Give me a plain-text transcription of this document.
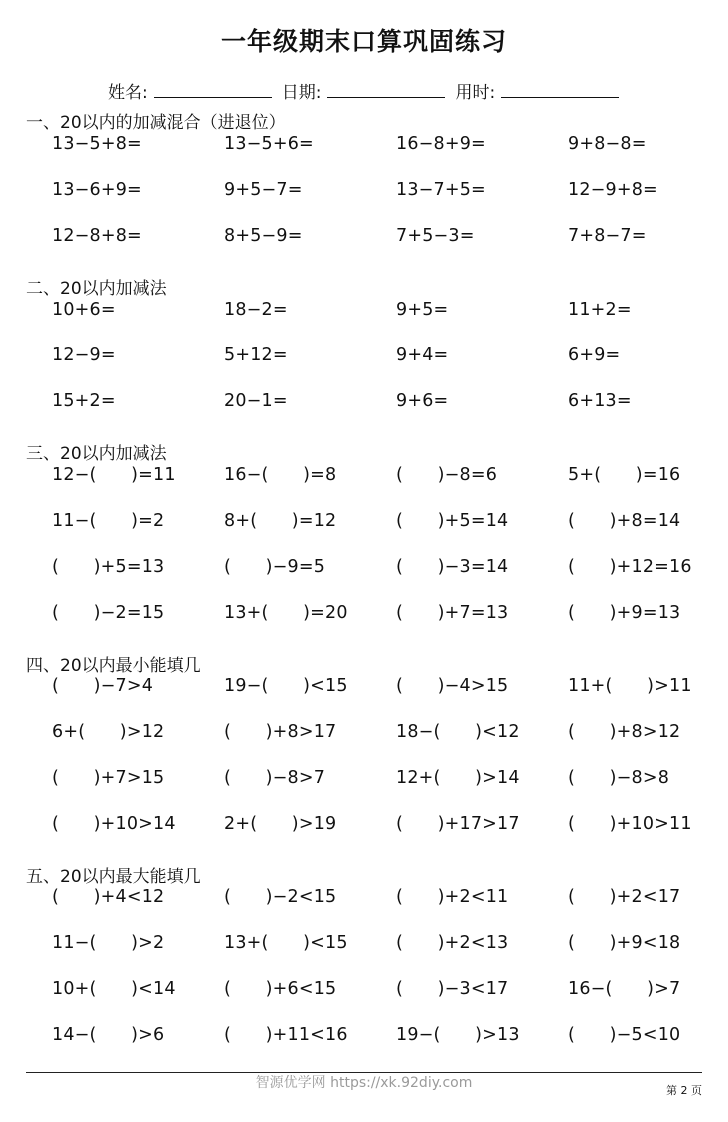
一年级期末口算巩固练习
姓名:	日期:	用时:
一、20以内的加减混合（进退位）
13−5+8=	13−5+6=	16−8+9=	9+8−8=
13−6+9=	9+5−7=	13−7+5=	12−9+8=
12−8+8=	8+5−9=	7+5−3=	7+8−7=
二、20以内加减法
10+6=	18−2=	9+5=	11+2=
12−9=	5+12=	9+4=	6+9=
15+2=	20−1=	9+6=	6+13=
三、20以内加减法
12−(      )=11	16−(      )=8	(      )−8=6	5+(      )=16
11−(      )=2	8+(      )=12	(      )+5=14	(      )+8=14
(      )+5=13	(      )−9=5	(      )−3=14	(      )+12=16
(      )−2=15	13+(      )=20	(      )+7=13	(      )+9=13
四、20以内最小能填几
(      )−7>4	19−(      )<15	(      )−4>15	11+(      )>11
6+(      )>12	(      )+8>17	18−(      )<12	(      )+8>12
(      )+7>15	(      )−8>7	12+(      )>14	(      )−8>8
(      )+10>14	2+(      )>19	(      )+17>17	(      )+10>11
五、20以内最大能填几
(      )+4<12	(      )−2<15	(      )+2<11	(      )+2<17
11−(      )>2	13+(      )<15	(      )+2<13	(      )+9<18
10+(      )<14	(      )+6<15	(      )−3<17	16−(      )>7
14−(      )>6	(      )+11<16	19−(      )>13	(      )−5<10
智源优学网 https://xk.92diy.com	第 2 页
